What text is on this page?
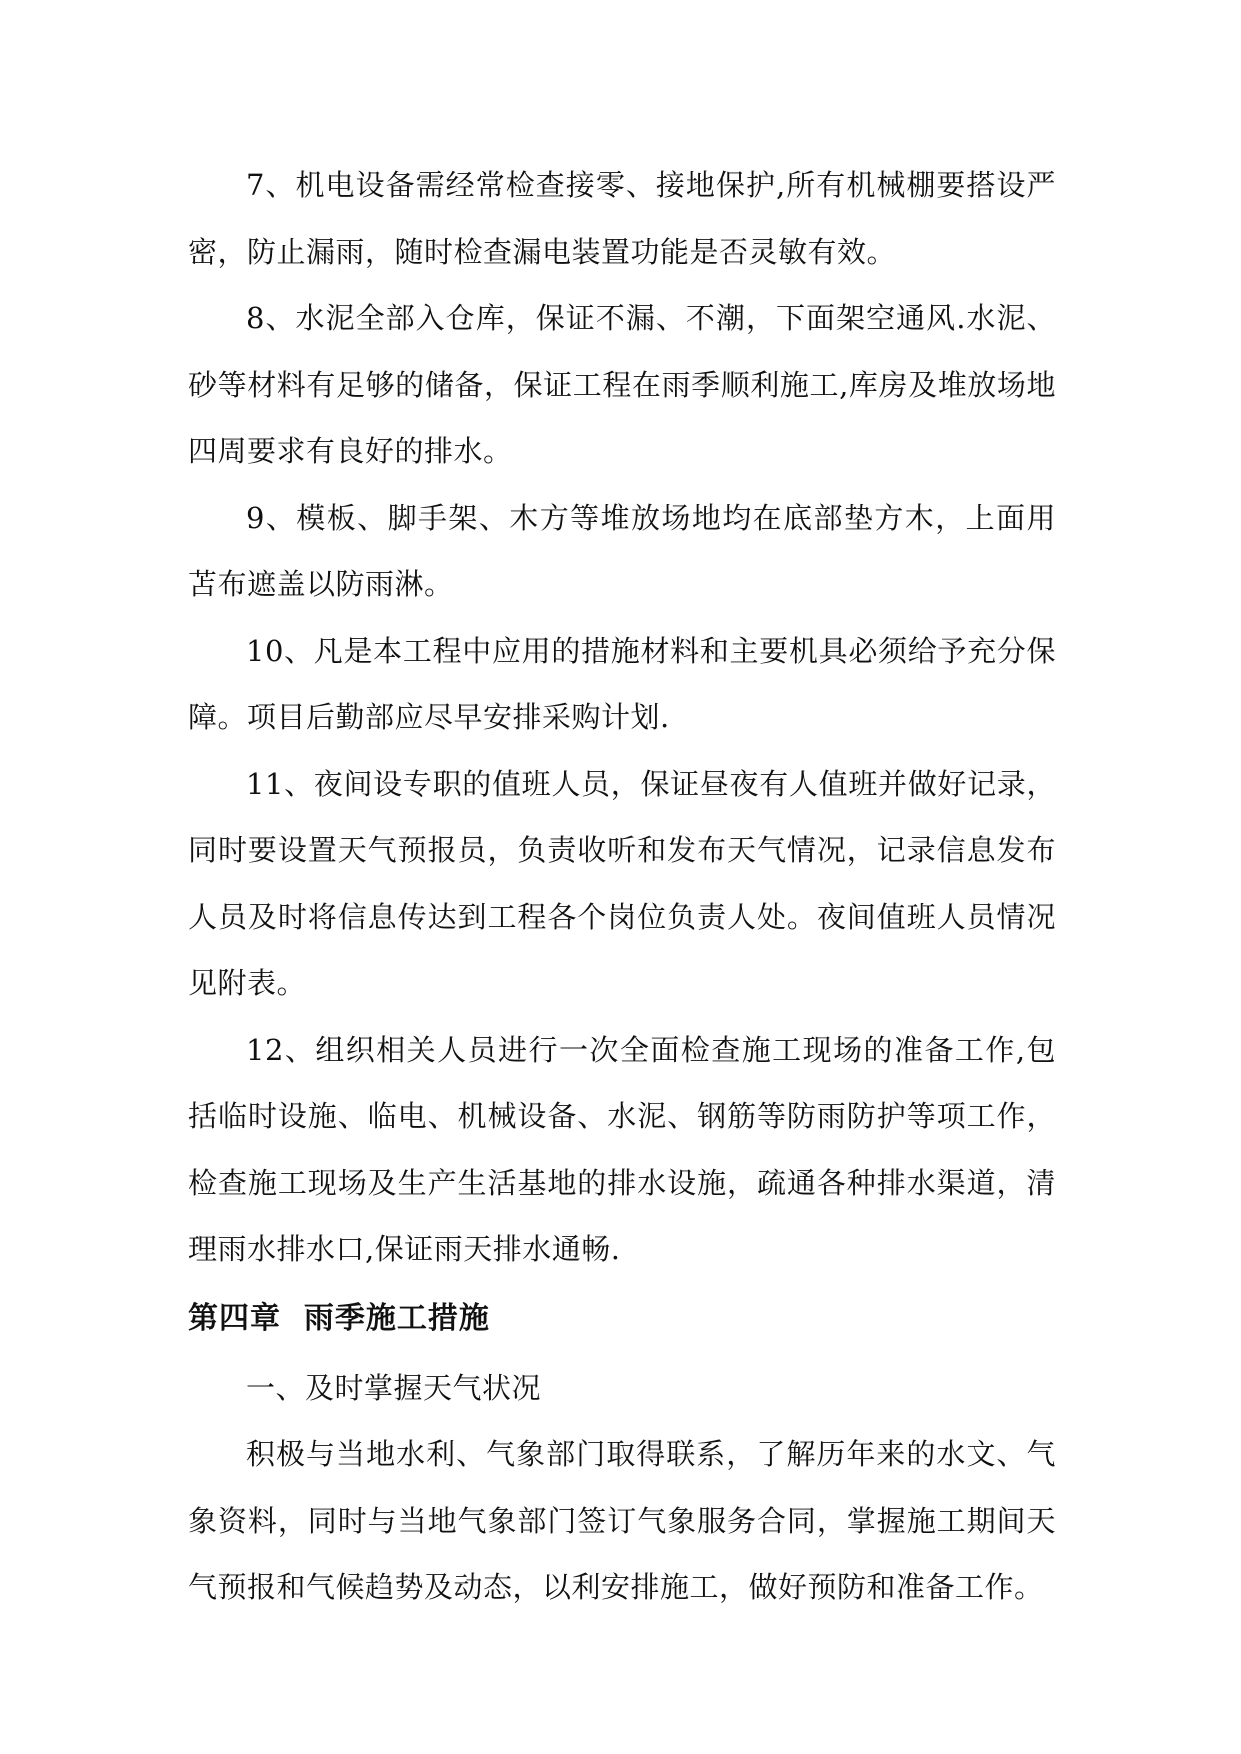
7、机电设备需经常检查接零、接地保护,所有机械棚要搭设严密，防止漏雨，随时检查漏电装置功能是否灵敏有效。

8、水泥全部入仓库，保证不漏、不潮，下面架空通风.水泥、砂等材料有足够的储备，保证工程在雨季顺利施工,库房及堆放场地四周要求有良好的排水。

9、模板、脚手架、木方等堆放场地均在底部垫方木，上面用苫布遮盖以防雨淋。

10、凡是本工程中应用的措施材料和主要机具必须给予充分保障。项目后勤部应尽早安排采购计划.

11、夜间设专职的值班人员，保证昼夜有人值班并做好记录，同时要设置天气预报员，负责收听和发布天气情况，记录信息发布人员及时将信息传达到工程各个岗位负责人处。夜间值班人员情况见附表。

12、组织相关人员进行一次全面检查施工现场的准备工作,包括临时设施、临电、机械设备、水泥、钢筋等防雨防护等项工作，检查施工现场及生产生活基地的排水设施，疏通各种排水渠道，清理雨水排水口,保证雨天排水通畅.

第四章  雨季施工措施

一、及时掌握天气状况

积极与当地水利、气象部门取得联系，了解历年来的水文、气象资料，同时与当地气象部门签订气象服务合同，掌握施工期间天气预报和气候趋势及动态，以利安排施工，做好预防和准备工作。
